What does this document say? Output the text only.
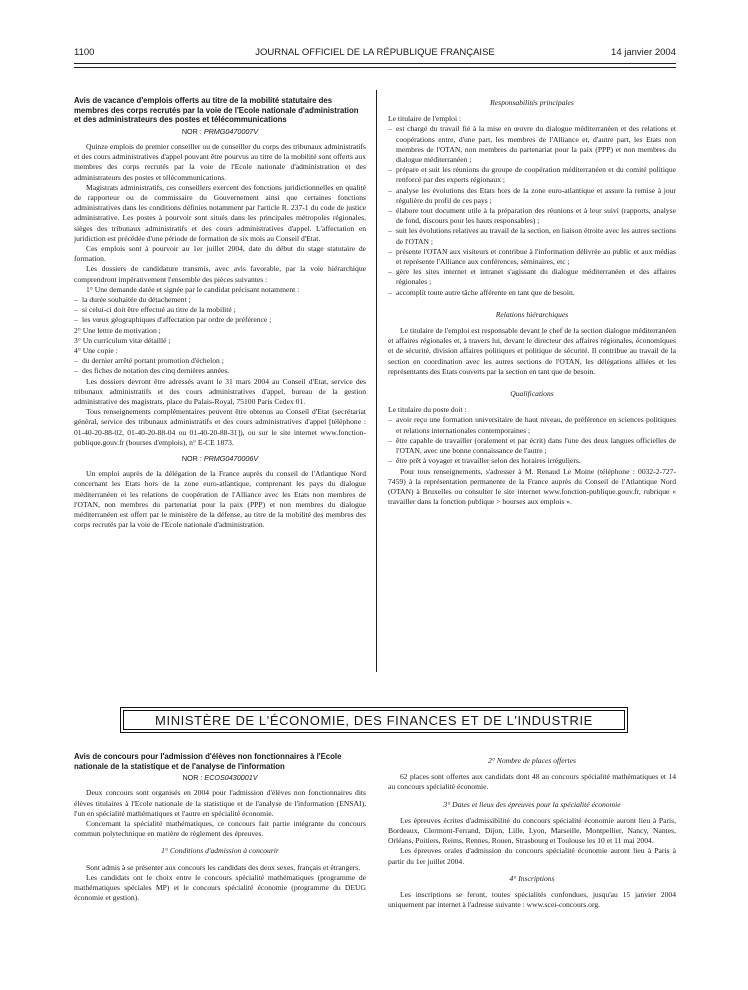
1100	JOURNAL OFFICIEL DE LA RÉPUBLIQUE FRANÇAISE	14 janvier 2004
Avis de vacance d'emplois offerts au titre de la mobilité statutaire des membres des corps recrutés par la voie de l'Ecole nationale d'administration et des administrateurs des postes et télécommunications
NOR : PRMG0470007V

Quinze emplois de premier conseiller ou de conseiller du corps des tribunaux administratifs et des cours administratives d'appel pouvant être pourvus au titre de la mobilité sont offerts aux membres des corps recrutés par la voie de l'Ecole nationale d'administration et des administrateurs des postes et télécommunications.

Magistrats administratifs, ces conseillers exercent des fonctions juridictionnelles en qualité de rapporteur ou de commissaire du Gouvernement ainsi que certaines fonctions administratives dans les conditions définies notamment par l'article R. 237-1 du code de justice administrative. Les postes à pourvoir sont situés dans les principales métropoles régionales, sièges des tribunaux administratifs et des cours administratives d'appel. L'affectation en juridiction est précédée d'une période de formation de six mois au Conseil d'Etat.

Ces emplois sont à pourvoir au 1er juillet 2004, date du début du stage statutaire de formation.

Les dossiers de candidature transmis, avec avis favorable, par la voie hiérarchique comprendront impérativement l'ensemble des pièces suivantes :

1° Une demande datée et signée par le candidat précisant notamment :

– la durée souhaitée du détachement ;
– si celui-ci doit être effectué au titre de la mobilité ;
– les vœux géographiques d'affectation par ordre de préférence ;

2° Une lettre de motivation ;

3° Un curriculum vitæ détaillé ;

4° Une copie :

– du dernier arrêté portant promotion d'échelon ;
– des fiches de notation des cinq dernières années.

Les dossiers devront être adressés avant le 31 mars 2004 au Conseil d'Etat, service des tribunaux administratifs et des cours administratives d'appel, bureau de la gestion administrative des magistrats, place du Palais-Royal, 75100 Paris Cedex 01.

Tous renseignements complémentaires peuvent être obtenus au Conseil d'Etat (secrétariat général, service des tribunaux administratifs et des cours administratives d'appel [téléphone : 01-40-20-88-02, 01-40-20-88-04 ou 01-40-20-88-31]), ou sur le site internet www.fonction-publique.gouv.fr (bourses d'emplois), n° E-CE 1873.

NOR : PRMG0470006V

Un emploi auprès de la délégation de la France auprès du conseil de l'Atlantique Nord concernant les Etats hors de la zone euro-atlantique, comprenant les pays du dialogue méditerranéen et les relations de coopération de l'Alliance avec les Etats non membres de l'OTAN, non membres du partenariat pour la paix (PPP) et non membres du dialogue méditerranéen est offert par le ministère de la défense, au titre de la mobilité des membres des corps recrutés par la voie de l'Ecole nationale d'administration.

Responsabilités principales

Le titulaire de l'emploi :

– est chargé du travail fié à la mise en œuvre du dialogue méditerranéen et des relations et coopérations entre, d'une part, les membres de l'Alliance et, d'autre part, les Etats non membres de l'OTAN, non membres du partenariat pour la paix (PPP) et non membres du dialogue méditerranéen ;
– prépare et suit les réunions du groupe de coopération méditerranéen et du comité politique renforcé par des experts régionaux ;
– analyse les évolutions des Etats hors de la zone euro-atlantique et assure la remise à jour régulière du profil de ces pays ;
– élabore tout document utile à la préparation des réunions et à leur suivi (rapports, analyse de fond, discours pour les hauts responsables) ;
– suit les évolutions relatives au travail de la section, en liaison étroite avec les autres sections de l'OTAN ;
– présente l'OTAN aux visiteurs et contribue à l'information délivrée au public et aux médias et représente l'Alliance aux conférences, séminaires, etc ;
– gère les sites internet et intranet s'agissant du dialogue méditerranéen et des affaires régionales ;
– accomplit toute autre tâche afférente en tant que de besoin.
Relations hiérarchiques

Le titulaire de l'emploi est responsable devant le chef de la section dialogue méditerranéen et affaires régionales et, à travers lui, devant le directeur des affaires régionales, économiques et de sécurité, division affaires politiques et politique de sécurité. Il contribue au travail de la section en coordination avec les autres sections de l'OTAN, les délégations alliées et les représentants des Etats couverts par la section en tant que de besoin.

Qualifications

Le titulaire du poste doit :

– avoir reçu une formation universitaire de haut niveau, de préférence en sciences politiques et relations internationales contemporaines ;
– être capable de travailler (oralement et par écrit) dans l'une des deux langues officielles de l'OTAN, avec une bonne connaissance de l'autre ;
– être prêt à voyager et travailler selon des horaires irréguliers.

Pour tous renseignements, s'adresser à M. Renaud Le Moine (téléphone : 0032-2-727-7459) à la représentation permanente de la France auprès du Conseil de l'Atlantique Nord (OTAN) à Bruxelles ou consulter le site internet www.fonction-publique.gouv.fr, rubrique « travailler dans la fonction publique > bourses aux emplois ».

MINISTÈRE DE L'ÉCONOMIE, DES FINANCES ET DE L'INDUSTRIE
Avis de concours pour l'admission d'élèves non fonctionnaires à l'Ecole nationale de la statistique et de l'analyse de l'information
NOR : ECOS0430001V

Deux concours sont organisés en 2004 pour l'admission d'élèves non fonctionnaires dits élèves titulaires à l'Ecole nationale de la statistique et de l'analyse de l'information (ENSAI), l'un en spécialité mathématiques et l'autre en spécialité économie.

Concernant la spécialité mathématiques, ce concours fait partie intégrante du concours commun polytechnique en matière de règlement des épreuves.

1° Conditions d'admission à concourir

Sont admis à se présenter aux concours les candidats des deux sexes, français et étrangers.

Les candidats ont le choix entre le concours spécialité mathématiques (programme de mathématiques spéciales MP) et le concours spécialité économie (programme du DEUG économie et gestion).

2° Nombre de places offertes

62 places sont offertes aux candidats dont 48 au concours spécialité mathématiques et 14 au concours spécialité économie.

3° Dates et lieux des épreuves pour la spécialité économie

Les épreuves écrites d'admissibilité du concours spécialité économie auront lieu à Paris, Bordeaux, Clermont-Ferrand, Dijon, Lille, Lyon, Marseille, Montpellier, Nancy, Nantes, Orléans, Poitiers, Reims, Rennes, Rouen, Strasbourg et Toulouse les 10 et 11 mai 2004.

Les épreuves orales d'admission du concours spécialité économie auront lieu à Paris à partir du 1er juillet 2004.

4° Inscriptions

Les inscriptions se feront, toutes spécialités confondues, jusqu'au 15 janvier 2004 uniquement par internet à l'adresse suivante : www.scei-concours.org.
